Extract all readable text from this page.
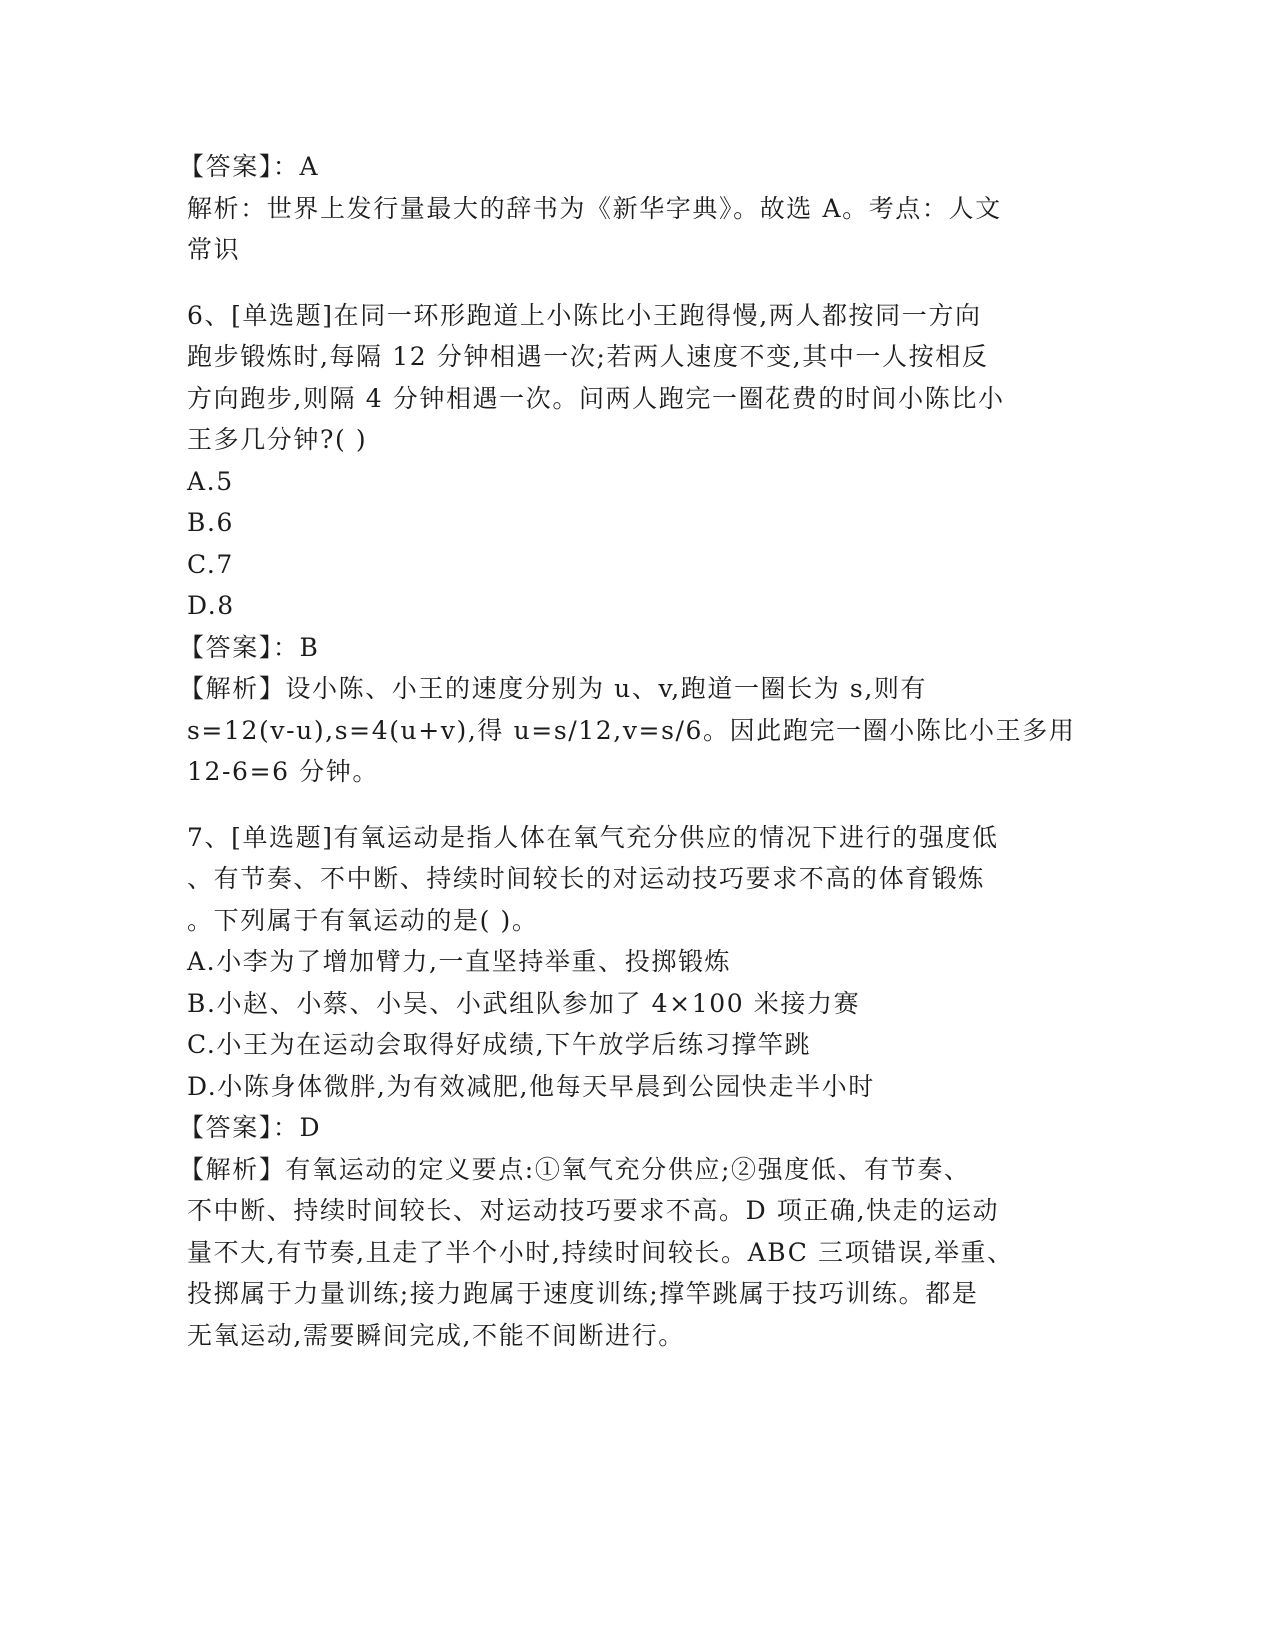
【答案】：A
解析：世界上发行量最大的辞书为《新华字典》。故选 A。考点：人文
常识
6、[单选题]在同一环形跑道上小陈比小王跑得慢,两人都按同一方向
跑步锻炼时,每隔 12 分钟相遇一次;若两人速度不变,其中一人按相反
方向跑步,则隔 4 分钟相遇一次。问两人跑完一圈花费的时间小陈比小
王多几分钟?( )
A.5
B.6
C.7
D.8
【答案】：B
【解析】设小陈、小王的速度分别为 u、v,跑道一圈长为 s,则有
s=12(v-u),s=4(u+v),得 u=s/12,v=s/6。因此跑完一圈小陈比小王多用
12-6=6 分钟。
7、[单选题]有氧运动是指人体在氧气充分供应的情况下进行的强度低
、有节奏、不中断、持续时间较长的对运动技巧要求不高的体育锻炼
。下列属于有氧运动的是( )。
A.小李为了增加臂力,一直坚持举重、投掷锻炼
B.小赵、小蔡、小吴、小武组队参加了 4×100 米接力赛
C.小王为在运动会取得好成绩,下午放学后练习撑竿跳
D.小陈身体微胖,为有效减肥,他每天早晨到公园快走半小时
【答案】：D
【解析】有氧运动的定义要点:①氧气充分供应;②强度低、有节奏、
不中断、持续时间较长、对运动技巧要求不高。D 项正确,快走的运动
量不大,有节奏,且走了半个小时,持续时间较长。ABC 三项错误,举重、
投掷属于力量训练;接力跑属于速度训练;撑竿跳属于技巧训练。都是
无氧运动,需要瞬间完成,不能不间断进行。
